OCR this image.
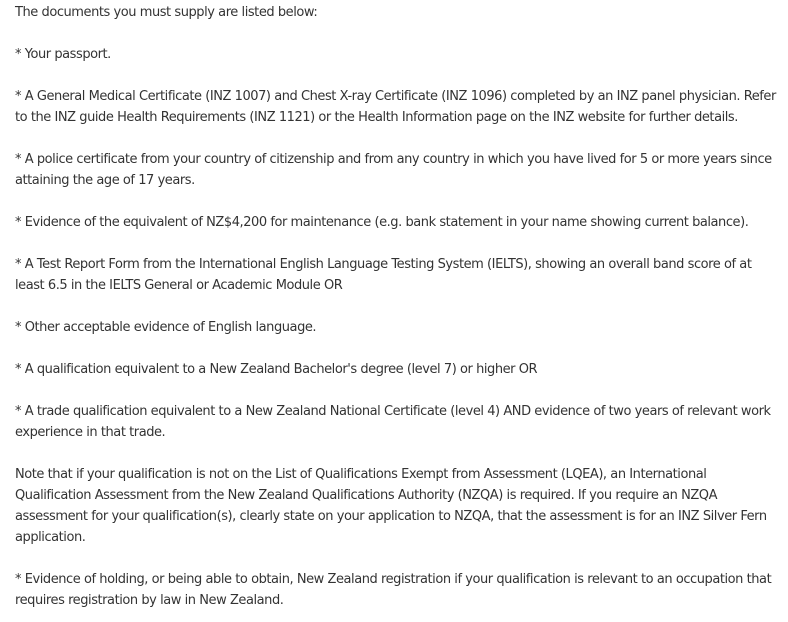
The documents you must supply are listed below:

* Your passport.

* A General Medical Certificate (INZ 1007) and Chest X-ray Certificate (INZ 1096) completed by an INZ panel physician. Refer to the INZ guide Health Requirements (INZ 1121) or the Health Information page on the INZ website for further details.

* A police certificate from your country of citizenship and from any country in which you have lived for 5 or more years since attaining the age of 17 years.

* Evidence of the equivalent of NZ$4,200 for maintenance (e.g. bank statement in your name showing current balance).

* A Test Report Form from the International English Language Testing System (IELTS), showing an overall band score of at least 6.5 in the IELTS General or Academic Module OR

* Other acceptable evidence of English language.

* A qualification equivalent to a New Zealand Bachelor's degree (level 7) or higher OR

* A trade qualification equivalent to a New Zealand National Certificate (level 4) AND evidence of two years of relevant work experience in that trade.

Note that if your qualification is not on the List of Qualifications Exempt from Assessment (LQEA), an International Qualification Assessment from the New Zealand Qualifications Authority (NZQA) is required. If you require an NZQA assessment for your qualification(s), clearly state on your application to NZQA, that the assessment is for an INZ Silver Fern application.

* Evidence of holding, or being able to obtain, New Zealand registration if your qualification is relevant to an occupation that requires registration by law in New Zealand.
